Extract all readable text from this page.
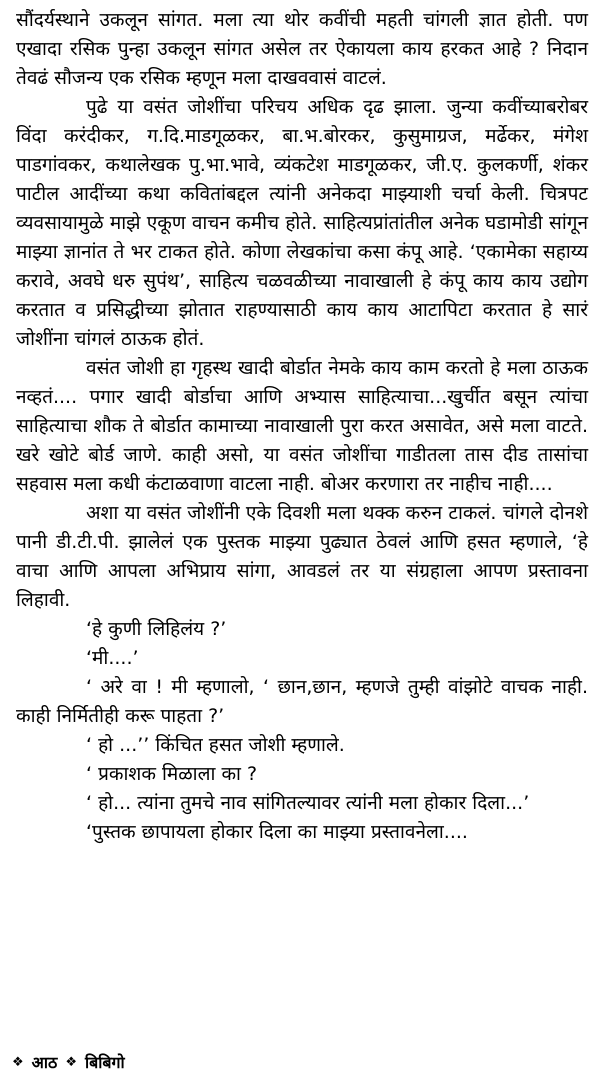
सौंदर्यस्थाने उकलून सांगत. मला त्या थोर कवींची महती चांगली ज्ञात होती. पण एखादा रसिक पुन्हा उकलून सांगत असेल तर ऐकायला काय हरकत आहे ? निदान तेवढं सौजन्य एक रसिक म्हणून मला दाखववासं वाटलं.

पुढे या वसंत जोशींचा परिचय अधिक दृढ झाला. जुन्या कवींच्याबरोबर विंदा करंदीकर, ग.दि.माडगूळकर, बा.भ.बोरकर, कुसुमाग्रज, मर्ढेकर, मंगेश पाडगांवकर, कथालेखक पु.भा.भावे, व्यंकटेश माडगूळकर, जी.ए. कुलकर्णी, शंकर पाटील आदींच्या कथा कवितांबद्दल त्यांनी अनेकदा माझ्याशी चर्चा केली. चित्रपट व्यवसायामुळे माझे एकूण वाचन कमीच होते. साहित्यप्रांतांतील अनेक घडामोडी सांगून माझ्या ज्ञानांत ते भर टाकत होते. कोणा लेखकांचा कसा कंपू आहे. ‘एकामेका सहाय्य करावे, अवघे धरु सुपंथ’, साहित्य चळवळीच्या नावाखाली हे कंपू काय काय उद्योग करतात व प्रसिद्धीच्या झोतात राहण्यासाठी काय काय आटापिटा करतात हे सारं जोशींना चांगलं ठाऊक होतं.

वसंत जोशी हा गृहस्थ खादी बोर्डात नेमके काय काम करतो हे मला ठाऊक नव्हतं.... पगार खादी बोर्डाचा आणि अभ्यास साहित्याचा...खुर्चीत बसून त्यांचा साहित्याचा शौक ते बोर्डात कामाच्या नावाखाली पुरा करत असावेत, असे मला वाटते. खरे खोटे बोर्ड जाणे. काही असो, या वसंत जोशींचा गाडीतला तास दीड तासांचा सहवास मला कधी कंटाळवाणा वाटला नाही. बोअर करणारा तर नाहीच नाही....

अशा या वसंत जोशींनी एके दिवशी मला थक्क करुन टाकलं. चांगले दोनशे पानी डी.टी.पी. झालेलं एक पुस्तक माझ्या पुढ्यात ठेवलं आणि हसत म्हणाले, ‘हे वाचा आणि आपला अभिप्राय सांगा, आवडलं तर या संग्रहाला आपण प्रस्तावना लिहावी.

‘हे कुणी लिहिलंय ?’

‘मी....’

‘ अरे वा ! मी म्हणालो, ‘ छान,छान, म्हणजे तुम्ही वांझोटे वाचक नाही. काही निर्मितीही करू पाहता ?’

‘ हो ...’’ किंचित हसत जोशी म्हणाले.

‘ प्रकाशक मिळाला का ?

‘ हो... त्यांना तुमचे नाव सांगितल्यावर त्यांनी मला होकार दिला...’

‘पुस्तक छापायला होकार दिला का माझ्या प्रस्तावनेला....

❖ आठ ❖ बिबिगो
